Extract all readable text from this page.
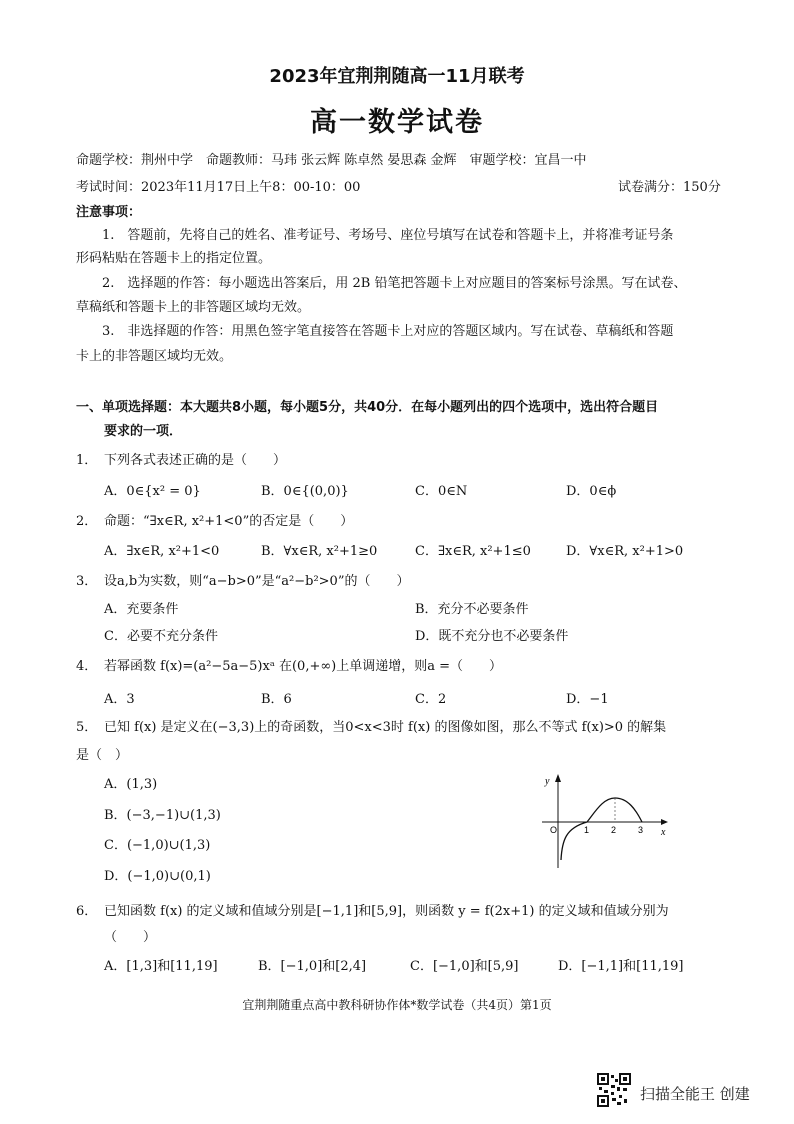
2023年宜荆荆随高一11月联考
高一数学试卷
命题学校：荆州中学　命题教师：马玮 张云辉 陈卓然 晏思森 金辉　审题学校：宜昌一中
考试时间：2023年11月17日上午8：00-10：00	试卷满分：150分
注意事项：
1.　答题前，先将自己的姓名、准考证号、考场号、座位号填写在试卷和答题卡上，并将准考证号条
形码粘贴在答题卡上的指定位置。
2.　选择题的作答：每小题选出答案后，用 2B 铅笔把答题卡上对应题目的答案标号涂黑。写在试卷、
草稿纸和答题卡上的非答题区域均无效。
3.　非选择题的作答：用黑色签字笔直接答在答题卡上对应的答题区域内。写在试卷、草稿纸和答题
卡上的非答题区域均无效。
一、单项选择题：本大题共8小题，每小题5分，共40分．在每小题列出的四个选项中，选出符合题目
要求的一项．
1． 下列各式表述正确的是（　　）
A．0∈{x² = 0}	B．0∈{(0,0)}	C．0∈N	D．0∈ϕ
2． 命题：“∃x∈R, x²+1<0”的否定是（　　）
A．∃x∈R, x²+1<0	B．∀x∈R, x²+1≥0	C．∃x∈R, x²+1≤0	D．∀x∈R, x²+1>0
3． 设a,b为实数，则“a−b>0”是“a²−b²>0”的（　　）
A．充要条件	B．充分不必要条件
C．必要不充分条件	D．既不充分也不必要条件
4． 若幂函数 f(x)=(a²−5a−5)xᵃ 在(0,+∞)上单调递增，则a =（　　）
A．3	B．6	C．2	D．−1
5． 已知 f(x) 是定义在(−3,3)上的奇函数，当0<x<3时 f(x) 的图像如图，那么不等式 f(x)>0 的解集
是（　）
A．(1,3)
B．(−3,−1)∪(1,3)
C．(−1,0)∪(1,3)
D．(−1,0)∪(0,1)
y
x
O	1 2 3
6． 已知函数 f(x) 的定义域和值域分别是[−1,1]和[5,9]，则函数 y = f(2x+1) 的定义域和值域分别为
（　　）
A．[1,3]和[11,19]	B．[−1,0]和[2,4]	C．[−1,0]和[5,9]	D．[−1,1]和[11,19]
宜荆荆随重点高中教科研协作体*数学试卷（共4页）第1页
扫描全能王 创建
